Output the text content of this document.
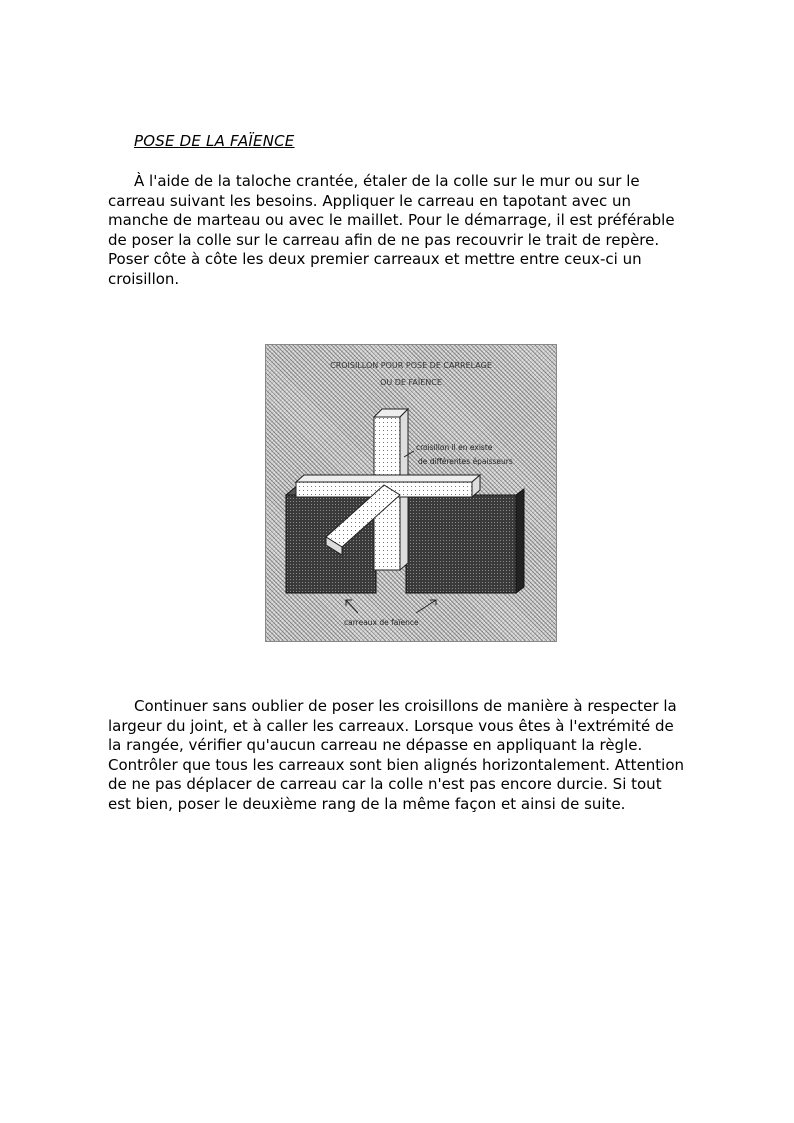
POSE DE LA FAÏENCE

À l'aide de la taloche crantée, étaler de la colle sur le mur ou sur le carreau suivant les besoins. Appliquer le carreau en tapotant avec un manche de marteau ou avec le maillet. Pour le démarrage, il est préférable de poser la colle sur le carreau afin de ne pas recouvrir le trait de repère. Poser côte à côte les deux premier carreaux et mettre entre ceux-ci un croisillon.

CROISILLON POUR POSE DE CARRELAGE
OU DE FAÏENCE
croisillon il en existe
de différentes épaisseurs
carreaux de faïence

Continuer sans oublier de poser les croisillons de manière à respecter la largeur du joint, et à caller les carreaux. Lorsque vous êtes à l'extrémité de la rangée, vérifier qu'aucun carreau ne dépasse en appliquant la règle. Contrôler que tous les carreaux sont bien alignés horizontalement. Attention de ne pas déplacer de carreau car la colle n'est pas encore durcie. Si tout est bien, poser le deuxième rang de la même façon et ainsi de suite.
